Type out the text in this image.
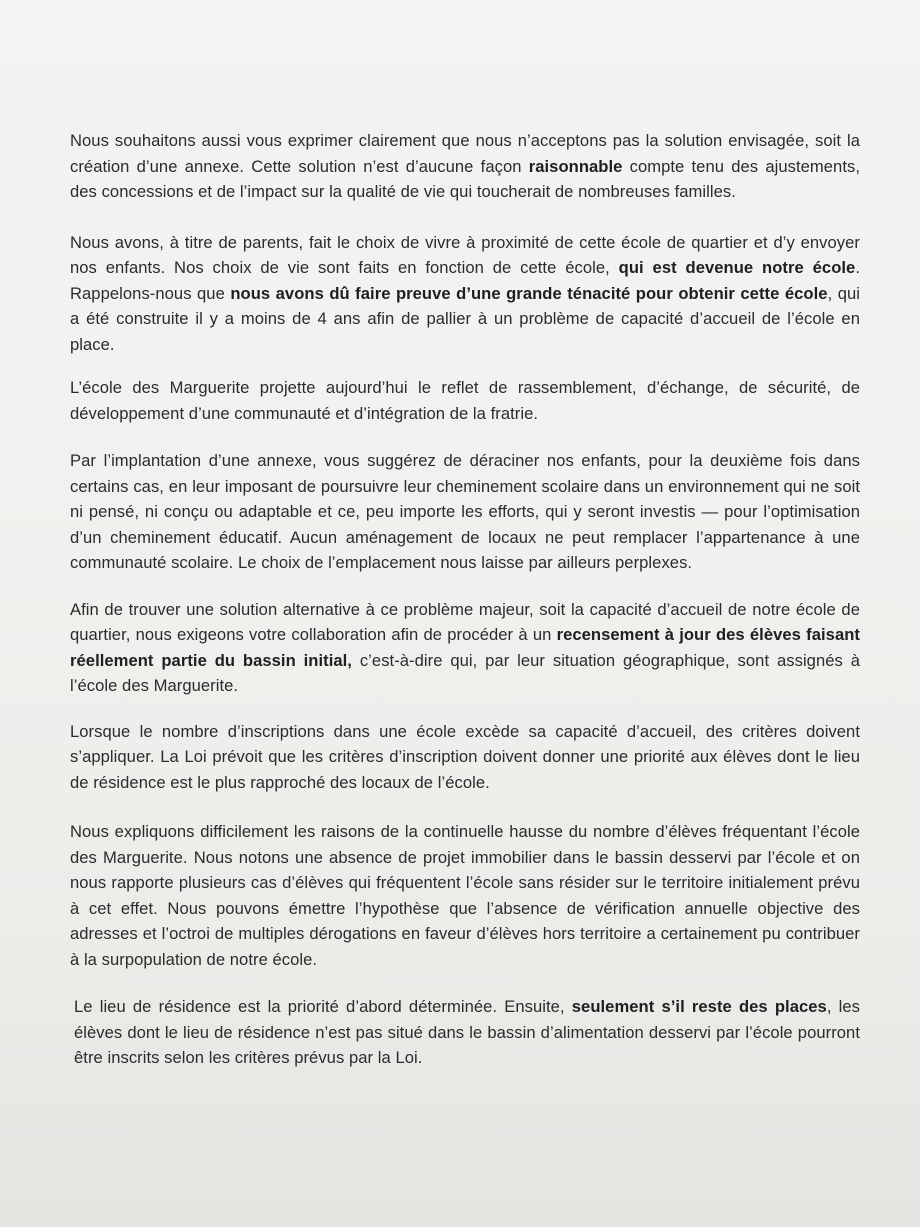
Nous souhaitons aussi vous exprimer clairement que nous n’acceptons pas la solution envisagée, soit la création d’une annexe. Cette solution n’est d’aucune façon raisonnable compte tenu des ajustements, des concessions et de l’impact sur la qualité de vie qui toucherait de nombreuses familles.

Nous avons, à titre de parents, fait le choix de vivre à proximité de cette école de quartier et d’y envoyer nos enfants. Nos choix de vie sont faits en fonction de cette école, qui est devenue notre école. Rappelons-nous que nous avons dû faire preuve d’une grande ténacité pour obtenir cette école, qui a été construite il y a moins de 4 ans afin de pallier à un problème de capacité d’accueil de l’école en place.

L’école des Marguerite projette aujourd’hui le reflet de rassemblement, d’échange, de sécurité, de développement d’une communauté et d’intégration de la fratrie.

Par l’implantation d’une annexe, vous suggérez de déraciner nos enfants, pour la deuxième fois dans certains cas, en leur imposant de poursuivre leur cheminement scolaire dans un environnement qui ne soit ni pensé, ni conçu ou adaptable et ce, peu importe les efforts, qui y seront investis — pour l’optimisation d’un cheminement éducatif. Aucun aménagement de locaux ne peut remplacer l’appartenance à une communauté scolaire. Le choix de l’emplacement nous laisse par ailleurs perplexes.

Afin de trouver une solution alternative à ce problème majeur, soit la capacité d’accueil de notre école de quartier, nous exigeons votre collaboration afin de procéder à un recensement à jour des élèves faisant réellement partie du bassin initial, c’est-à-dire qui, par leur situation géographique, sont assignés à l’école des Marguerite.

Lorsque le nombre d’inscriptions dans une école excède sa capacité d’accueil, des critères doivent s’appliquer. La Loi prévoit que les critères d’inscription doivent donner une priorité aux élèves dont le lieu de résidence est le plus rapproché des locaux de l’école.

Nous expliquons difficilement les raisons de la continuelle hausse du nombre d’élèves fréquentant l’école des Marguerite. Nous notons une absence de projet immobilier dans le bassin desservi par l’école et on nous rapporte plusieurs cas d’élèves qui fréquentent l’école sans résider sur le territoire initialement prévu à cet effet. Nous pouvons émettre l’hypothèse que l’absence de vérification annuelle objective des adresses et l’octroi de multiples dérogations en faveur d’élèves hors territoire a certainement pu contribuer à la surpopulation de notre école.

Le lieu de résidence est la priorité d’abord déterminée. Ensuite, seulement s’il reste des places, les élèves dont le lieu de résidence n’est pas situé dans le bassin d’alimentation desservi par l’école pourront être inscrits selon les critères prévus par la Loi.
